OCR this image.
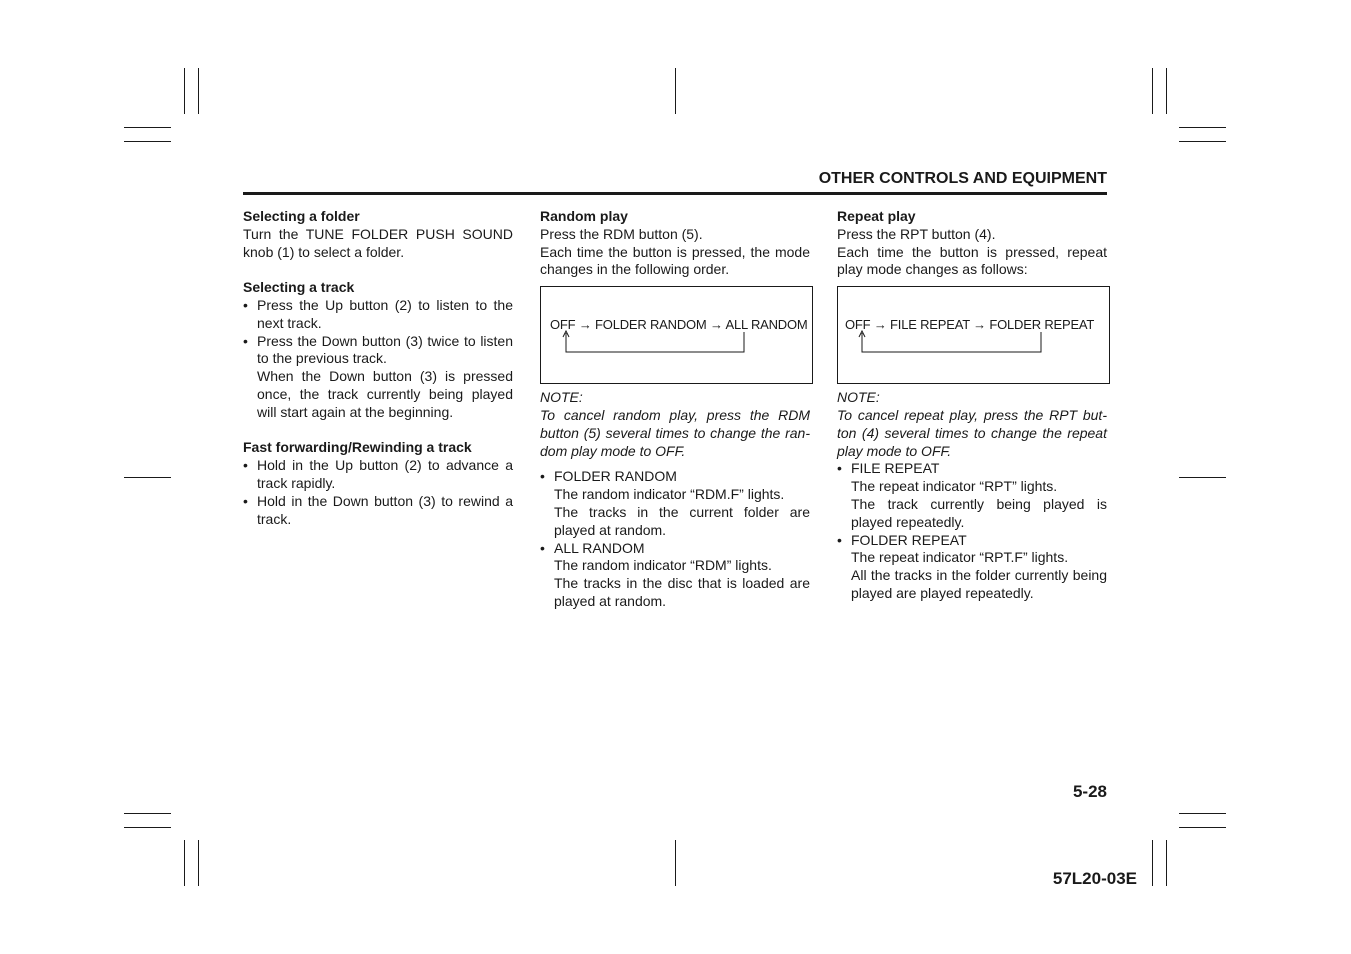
OTHER CONTROLS AND EQUIPMENT

Selecting a folder

Turn the TUNE FOLDER PUSH SOUND knob (1) to select a folder.

Selecting a track

• Press the Up button (2) to listen to the next track.
• Press the Down button (3) twice to listen to the previous track.
When the Down button (3) is pressed once, the track currently being played will start again at the beginning.

Fast forwarding/Rewinding a track

• Hold in the Up button (2) to advance a track rapidly.
• Hold in the Down button (3) to rewind a track.

Random play

Press the RDM button (5).

Each time the button is pressed, the mode changes in the following order.

OFF → FOLDER RANDOM → ALL RANDOM

NOTE:

To cancel random play, press the RDM button (5) several times to change the ran-dom play mode to OFF.

• FOLDER RANDOM

The random indicator “RDM.F” lights.

The tracks in the current folder are played at random.

• ALL RANDOM

The random indicator “RDM” lights.

The tracks in the disc that is loaded are played at random.

Repeat play

Press the RPT button (4).

Each time the button is pressed, repeat play mode changes as follows:

OFF → FILE REPEAT → FOLDER REPEAT

NOTE:

To cancel repeat play, press the RPT but-ton (4) several times to change the repeat play mode to OFF.

• FILE REPEAT

The repeat indicator “RPT” lights.

The track currently being played is played repeatedly.

• FOLDER REPEAT

The repeat indicator “RPT.F” lights.

All the tracks in the folder currently being played are played repeatedly.

5-28
57L20-03E
